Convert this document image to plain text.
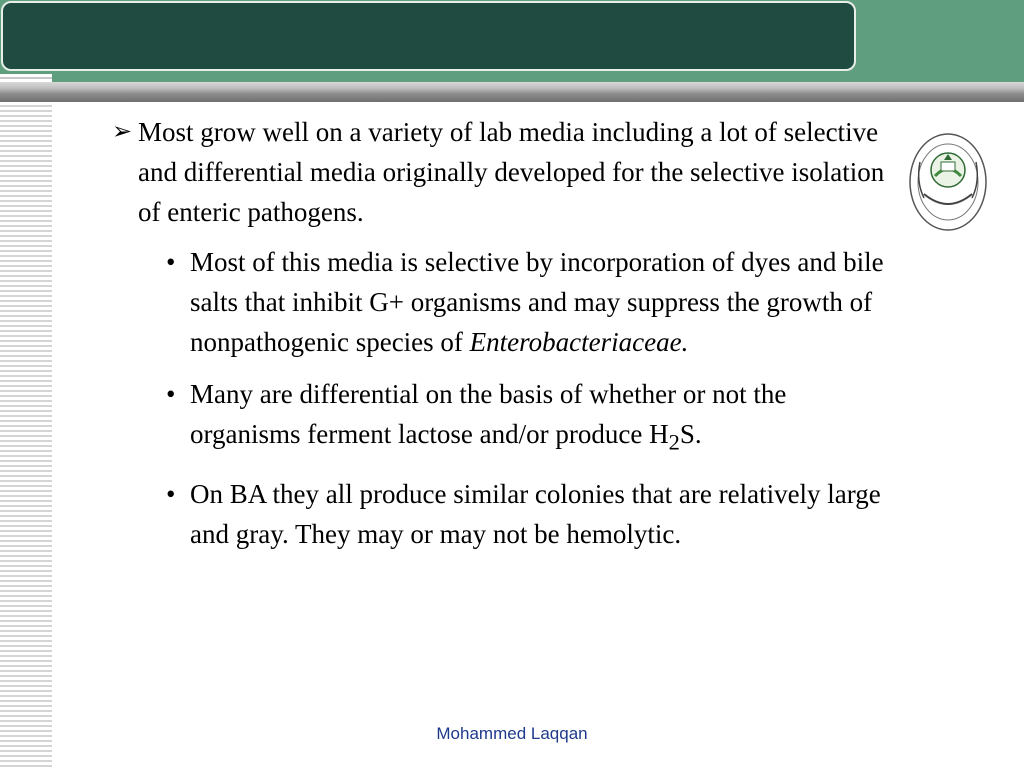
➢ Most grow well on a variety of lab media including a lot of selective and differential media originally developed for the selective isolation of enteric pathogens.

• Most of this media is selective by incorporation of dyes and bile salts that inhibit G+ organisms and may suppress the growth of nonpathogenic species of Enterobacteriaceae.
• Many are differential on the basis of whether or not the organisms ferment lactose and/or produce $H_2S$.
• On BA they all produce similar colonies that are relatively large and gray. They may or may not be hemolytic.
Mohammed Laqqan
